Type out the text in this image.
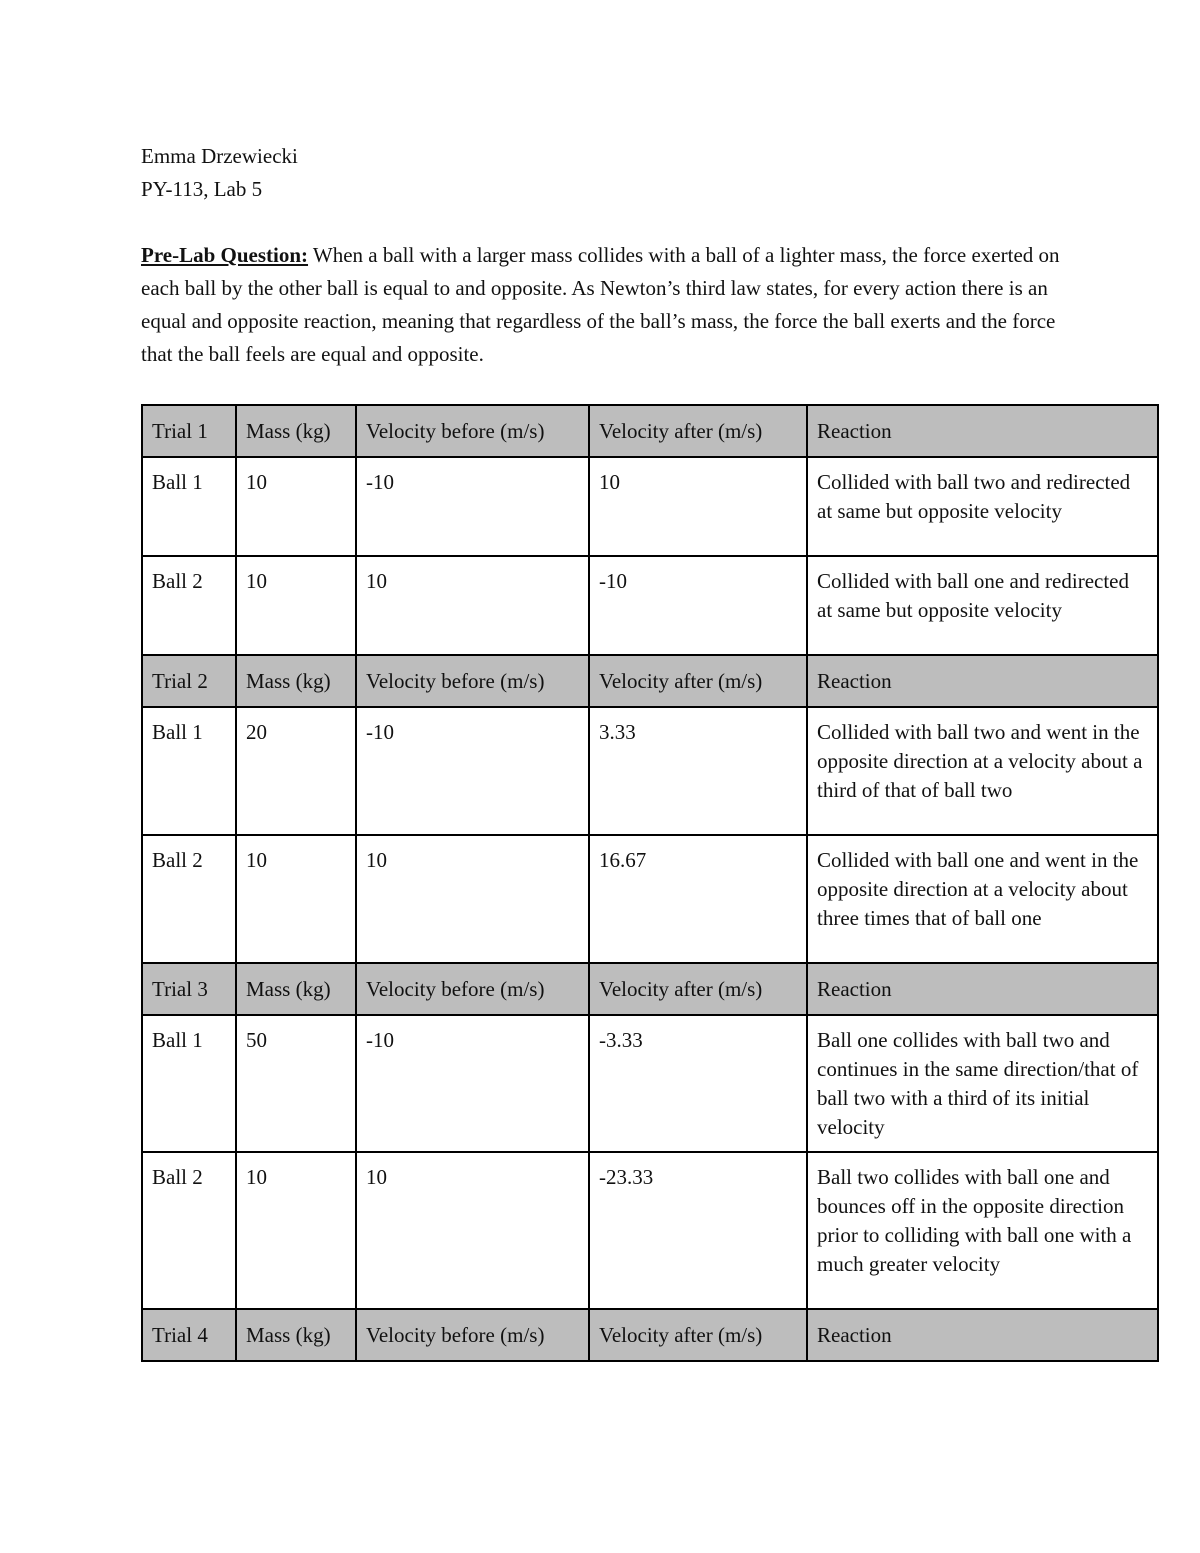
Emma Drzewiecki
PY-113, Lab 5
Pre-Lab Question: When a ball with a larger mass collides with a ball of a lighter mass, the force exerted on each ball by the other ball is equal to and opposite. As Newton’s third law states, for every action there is an equal and opposite reaction, meaning that regardless of the ball’s mass, the force the ball exerts and the force that the ball feels are equal and opposite.
Trial 1	Mass (kg)	Velocity before (m/s)	Velocity after (m/s)	Reaction
Ball 1	10	-10	10	Collided with ball two and redirected at same but opposite velocity
Ball 2	10	10	-10	Collided with ball one and redirected at same but opposite velocity
Trial 2	Mass (kg)	Velocity before (m/s)	Velocity after (m/s)	Reaction
Ball 1	20	-10	3.33	Collided with ball two and went in the opposite direction at a velocity about a third of that of ball two
Ball 2	10	10	16.67	Collided with ball one and went in the opposite direction at a velocity about three times that of ball one
Trial 3	Mass (kg)	Velocity before (m/s)	Velocity after (m/s)	Reaction
Ball 1	50	-10	-3.33	Ball one collides with ball two and continues in the same direction/that of ball two with a third of its initial velocity
Ball 2	10	10	-23.33	Ball two collides with ball one and bounces off in the opposite direction prior to colliding with ball one with a much greater velocity
Trial 4	Mass (kg)	Velocity before (m/s)	Velocity after (m/s)	Reaction
